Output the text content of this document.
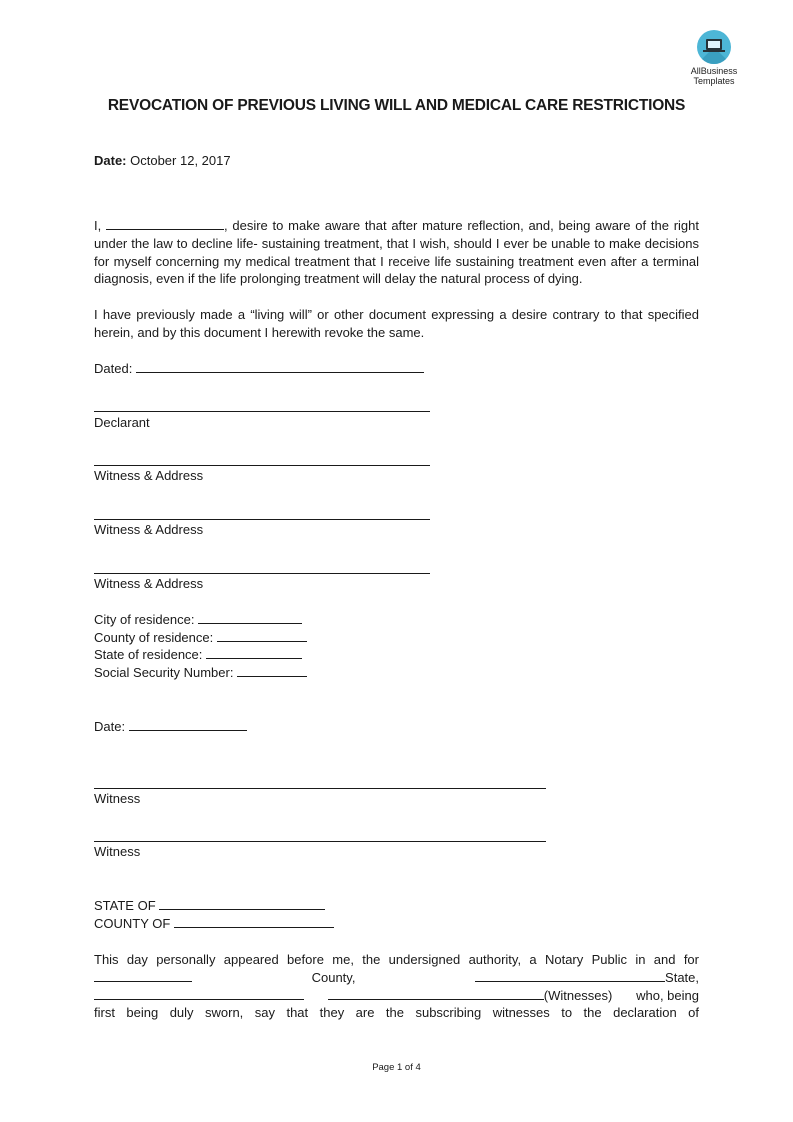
AllBusiness
Templates
REVOCATION OF PREVIOUS LIVING WILL AND MEDICAL CARE RESTRICTIONS
Date: October 12, 2017
I,	, desire to make aware that after mature reflection, and, being aware of the right under the law to decline life- sustaining treatment, that I wish, should I ever be unable to make decisions for myself concerning my medical treatment that I receive life sustaining treatment even after a terminal diagnosis, even if the life prolonging treatment will delay the natural process of dying.
I have previously made a “living will” or other document expressing a desire contrary to that specified herein, and by this document I herewith revoke the same.
Dated:
Declarant
Witness & Address
Witness & Address
Witness & Address
City of residence:
County of residence:
State of residence:
Social Security Number:
Date:
Witness
Witness
STATE OF
COUNTY OF
This day personally appeared before me, the undersigned authority, a Notary Public in and for
County,	State,
(Witnesses) who, being
first being duly sworn, say that they are the subscribing witnesses to the declaration of
Page 1 of 4
